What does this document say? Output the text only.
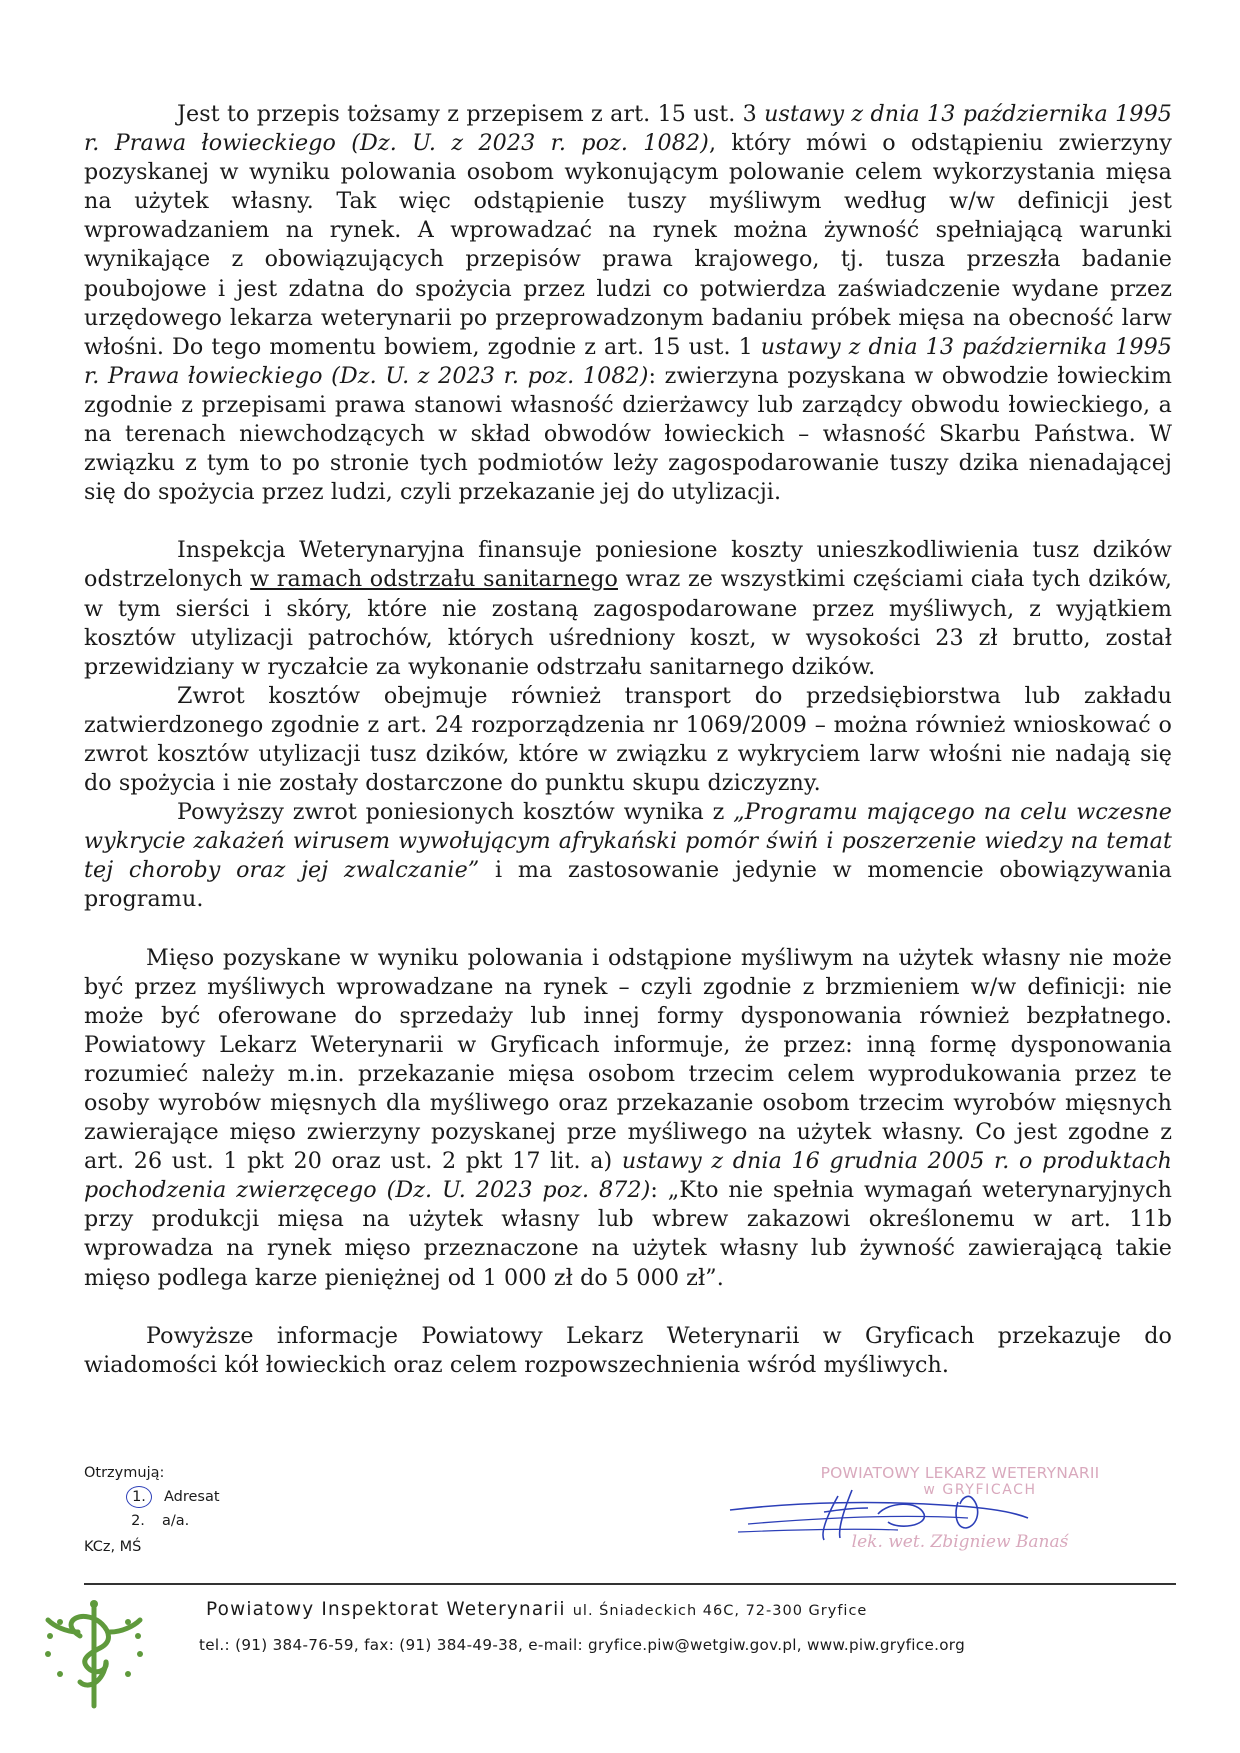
Jest to przepis tożsamy z przepisem z art. 15 ust. 3 ustawy z dnia 13 października 1995 r. Prawa łowieckiego (Dz. U. z 2023 r. poz. 1082), który mówi o odstąpieniu zwierzyny pozyskanej w wyniku polowania osobom wykonującym polowanie celem wykorzystania mięsa na użytek własny. Tak więc odstąpienie tuszy myśliwym według w/w definicji jest wprowadzaniem na rynek. A wprowadzać na rynek można żywność spełniającą warunki wynikające z obowiązujących przepisów prawa krajowego, tj. tusza przeszła badanie poubojowe i jest zdatna do spożycia przez ludzi co potwierdza zaświadczenie wydane przez urzędowego lekarza weterynarii po przeprowadzonym badaniu próbek mięsa na obecność larw włośni. Do tego momentu bowiem, zgodnie z art. 15 ust. 1 ustawy z dnia 13 października 1995 r. Prawa łowieckiego (Dz. U. z 2023 r. poz. 1082): zwierzyna pozyskana w obwodzie łowieckim zgodnie z przepisami prawa stanowi własność dzierżawcy lub zarządcy obwodu łowieckiego, a na terenach niewchodzących w skład obwodów łowieckich – własność Skarbu Państwa. W związku z tym to po stronie tych podmiotów leży zagospodarowanie tuszy dzika nienadającej się do spożycia przez ludzi, czyli przekazanie jej do utylizacji.

Inspekcja Weterynaryjna finansuje poniesione koszty unieszkodliwienia tusz dzików odstrzelonych w ramach odstrzału sanitarnego wraz ze wszystkimi częściami ciała tych dzików, w tym sierści i skóry, które nie zostaną zagospodarowane przez myśliwych, z wyjątkiem kosztów utylizacji patrochów, których uśredniony koszt, w wysokości 23 zł brutto, został przewidziany w ryczałcie za wykonanie odstrzału sanitarnego dzików.

Zwrot kosztów obejmuje również transport do przedsiębiorstwa lub zakładu zatwierdzonego zgodnie z art. 24 rozporządzenia nr 1069/2009 – można również wnioskować o zwrot kosztów utylizacji tusz dzików, które w związku z wykryciem larw włośni nie nadają się do spożycia i nie zostały dostarczone do punktu skupu dziczyzny.

Powyższy zwrot poniesionych kosztów wynika z „Programu mającego na celu wczesne wykrycie zakażeń wirusem wywołującym afrykański pomór świń i poszerzenie wiedzy na temat tej choroby oraz jej zwalczanie” i ma zastosowanie jedynie w momencie obowiązywania programu.

Mięso pozyskane w wyniku polowania i odstąpione myśliwym na użytek własny nie może być przez myśliwych wprowadzane na rynek – czyli zgodnie z brzmieniem w/w definicji: nie może być oferowane do sprzedaży lub innej formy dysponowania również bezpłatnego. Powiatowy Lekarz Weterynarii w Gryficach informuje, że przez: inną formę dysponowania rozumieć należy m.in. przekazanie mięsa osobom trzecim celem wyprodukowania przez te osoby wyrobów mięsnych dla myśliwego oraz przekazanie osobom trzecim wyrobów mięsnych zawierające mięso zwierzyny pozyskanej prze myśliwego na użytek własny. Co jest zgodne z art. 26 ust. 1 pkt 20 oraz ust. 2 pkt 17 lit. a) ustawy z dnia 16 grudnia 2005 r. o produktach pochodzenia zwierzęcego (Dz. U. 2023 poz. 872): „Kto nie spełnia wymagań weterynaryjnych przy produkcji mięsa na użytek własny lub wbrew zakazowi określonemu w art. 11b wprowadza na rynek mięso przeznaczone na użytek własny lub żywność zawierającą takie mięso podlega karze pieniężnej od 1 000 zł do 5 000 zł”.

Powyższe informacje Powiatowy Lekarz Weterynarii w Gryficach przekazuje do wiadomości kół łowieckich oraz celem rozpowszechnienia wśród myśliwych.

Otrzymują:
1.	Adresat
2.	a/a.
KCz, MŚ
POWIATOWY LEKARZ WETERYNARII
w GRYFICACH
lek. wet. Zbigniew Banaś
Powiatowy Inspektorat Weterynarii ul. Śniadeckich 46C, 72-300 Gryfice
tel.: (91) 384-76-59, fax: (91) 384-49-38, e-mail: gryfice.piw@wetgiw.gov.pl, www.piw.gryfice.org
